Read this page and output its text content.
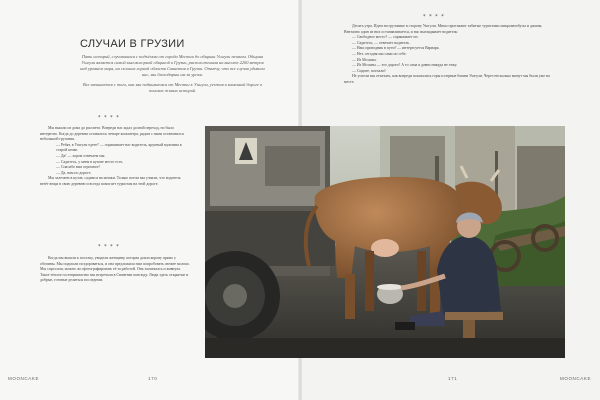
СЛУЧАИ В ГРУЗИИ

Пять историй, случившихся с подъёмом от города Местии до общины Ушгули пешком. Община Ушгули является самой высокогорной общиной в Грузии, расположенная на высоте 2200 метров над уровнем моря, на склонах горной области Сванетия в Грузии. Отмечу, что все случаи удивили нас, мы благодарны им за уроки.

Все начинается с того, как мы поднимаемся от Местии к Ушгули, уезжая в каменной дороге в поисках живых историй.

* * * *

Мы вышли из дома до рассвета. Впереди нас ждал долгий переход, но было интересно. Когда до деревни оставалось четыре километра, рядом с нами остановился небольшой грузовик.

— Ребят, в Ушгули едете? — спрашивает нас водитель, крупный мужчина в старой кепке.

— Да! — хором отвечаем мы.

— Садитесь, у меня в кузове место есть.

— Спасибо вам огромное!

— Да, нам по дороге.

Мы залезаем в кузов, садимся на мешки. Только потом мы узнали, что водитель везёт вещи в свою деревню и всегда помогает туристам на этой дороге.

* * * *

Когда мы вышли к поселку, увидели женщину, которая доила корову прямо у обочины. Мы подошли поздороваться, и она предложила нам попробовать свежее молоко. Мы спросили, можно ли сфотографировать её за работой. Она засмеялась и кивнула. Такое тёплое гостеприимство мы встречали в Сванетии повсюду. Люди здесь открытые и добрые, готовые делиться последним.

* * * *

Десять утра. Идем на грузовике в сторону Ушгули. Мимо проезжают забитые туристами микроавтобусы и джипы. Внезапно один из них останавливается, и нас выглядывает водитель:

— Свободное место? — спрашивает он.

— Садитесь, — отвечает водитель.

— Наш проводник в пути? — интересуется Варвара.

— Нет, сегодня мы сами по себе.

— Из Москвы.

— Из Москвы — это дорого! А то сама я давно никуда не езжу.

— Сидите, поехали!

Не успели мы отъехать, как впереди показались горы и первые башни Ушгули. Через несколько минут мы были уже на месте.

MOONCAKE	170	171	MOONCAKE
